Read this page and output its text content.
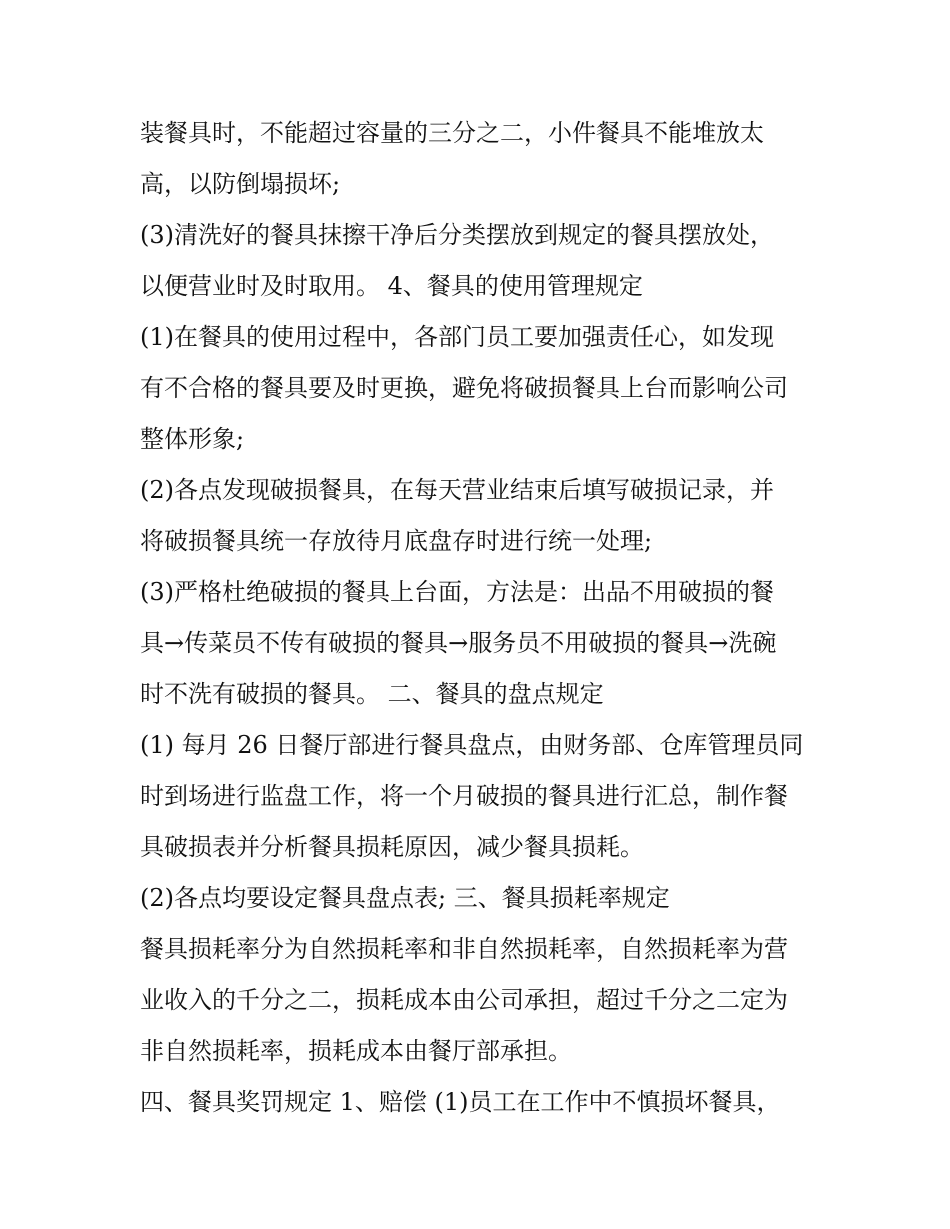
装餐具时，不能超过容量的三分之二，小件餐具不能堆放太
高，以防倒塌损坏;
(3)清洗好的餐具抹擦干净后分类摆放到规定的餐具摆放处，
以便营业时及时取用。 4、餐具的使用管理规定
(1)在餐具的使用过程中，各部门员工要加强责任心，如发现
有不合格的餐具要及时更换，避免将破损餐具上台而影响公司
整体形象;
(2)各点发现破损餐具，在每天营业结束后填写破损记录，并
将破损餐具统一存放待月底盘存时进行统一处理;
(3)严格杜绝破损的餐具上台面，方法是：出品不用破损的餐
具→传菜员不传有破损的餐具→服务员不用破损的餐具→洗碗
时不洗有破损的餐具。 二、餐具的盘点规定
(1) 每月 26 日餐厅部进行餐具盘点，由财务部、仓库管理员同
时到场进行监盘工作，将一个月破损的餐具进行汇总，制作餐
具破损表并分析餐具损耗原因，减少餐具损耗。
(2)各点均要设定餐具盘点表; 三、餐具损耗率规定
餐具损耗率分为自然损耗率和非自然损耗率，自然损耗率为营
业收入的千分之二，损耗成本由公司承担，超过千分之二定为
非自然损耗率，损耗成本由餐厅部承担。
四、餐具奖罚规定 1、赔偿 (1)员工在工作中不慎损坏餐具，
